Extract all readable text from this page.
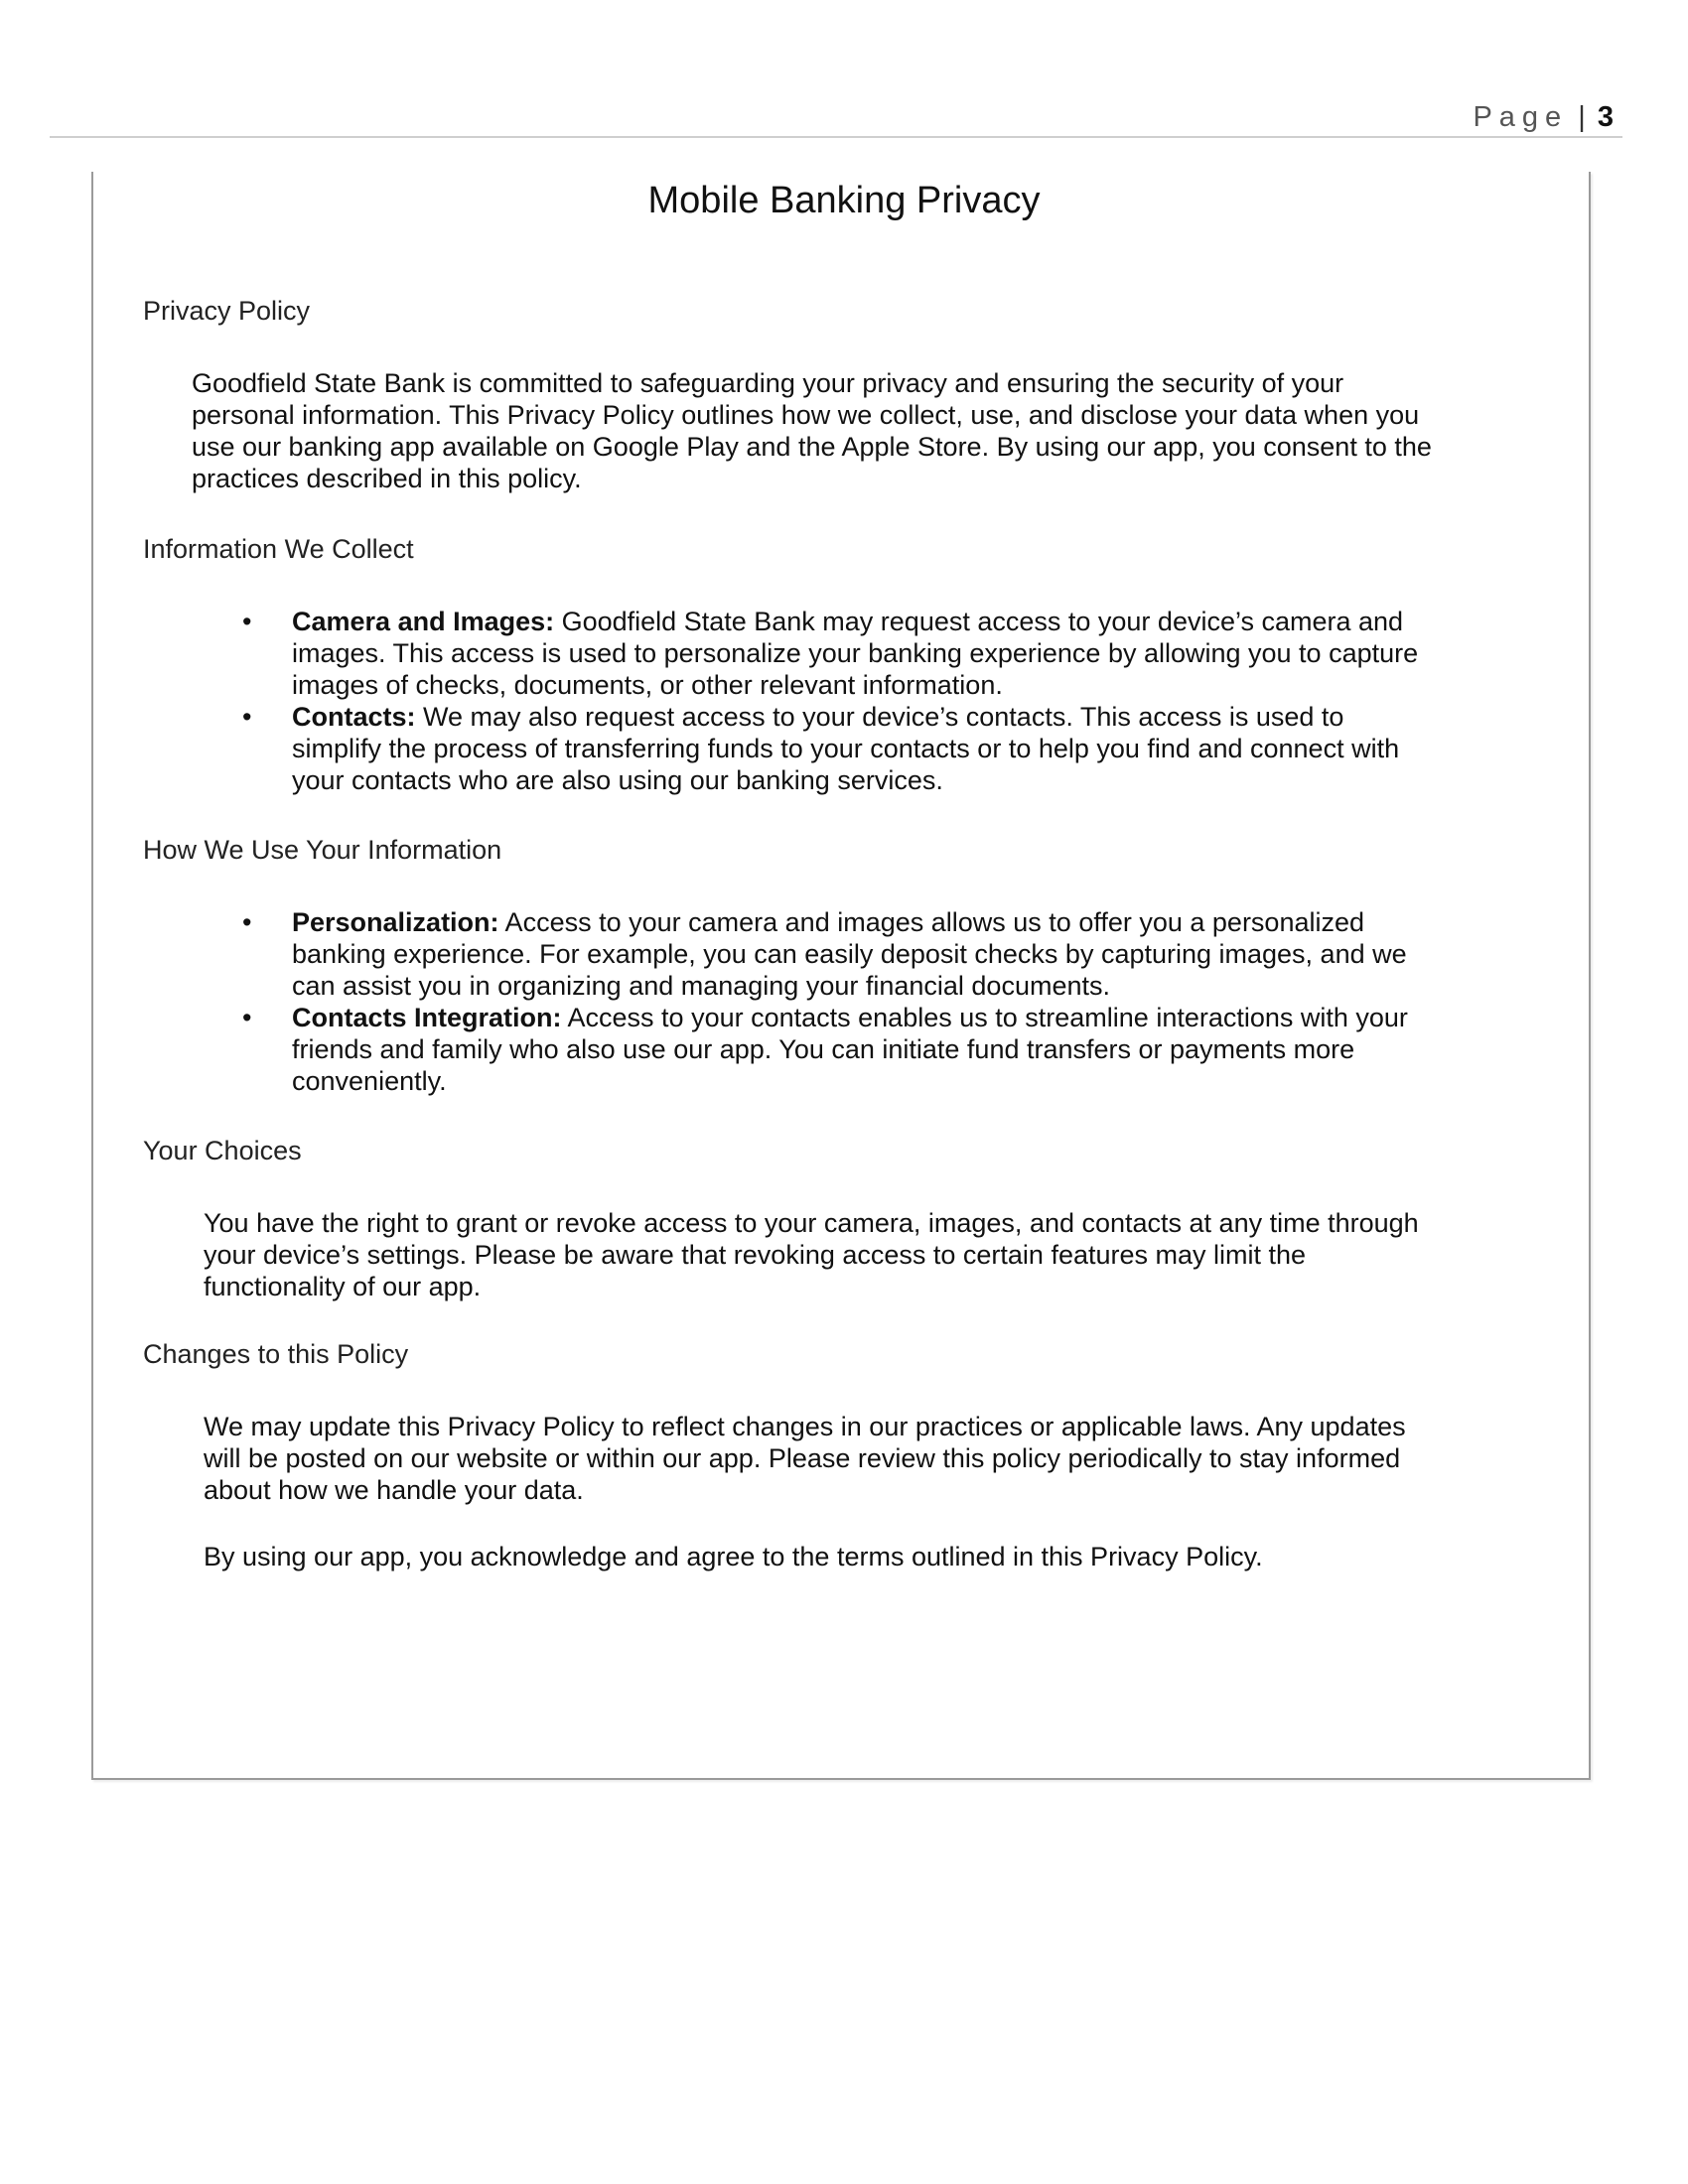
Page | 3
Mobile Banking Privacy
Privacy Policy
Goodfield State Bank is committed to safeguarding your privacy and ensuring the security of your
personal information. This Privacy Policy outlines how we collect, use, and disclose your data when you
use our banking app available on Google Play and the Apple Store. By using our app, you consent to the
practices described in this policy.
Information We Collect
• Camera and Images: Goodfield State Bank may request access to your device’s camera and
images. This access is used to personalize your banking experience by allowing you to capture
images of checks, documents, or other relevant information.
• Contacts: We may also request access to your device’s contacts. This access is used to
simplify the process of transferring funds to your contacts or to help you find and connect with
your contacts who are also using our banking services.
How We Use Your Information
• Personalization: Access to your camera and images allows us to offer you a personalized
banking experience. For example, you can easily deposit checks by capturing images, and we
can assist you in organizing and managing your financial documents.
• Contacts Integration: Access to your contacts enables us to streamline interactions with your
friends and family who also use our app. You can initiate fund transfers or payments more
conveniently.
Your Choices
You have the right to grant or revoke access to your camera, images, and contacts at any time through
your device’s settings. Please be aware that revoking access to certain features may limit the
functionality of our app.
Changes to this Policy
We may update this Privacy Policy to reflect changes in our practices or applicable laws. Any updates
will be posted on our website or within our app. Please review this policy periodically to stay informed
about how we handle your data.
By using our app, you acknowledge and agree to the terms outlined in this Privacy Policy.
